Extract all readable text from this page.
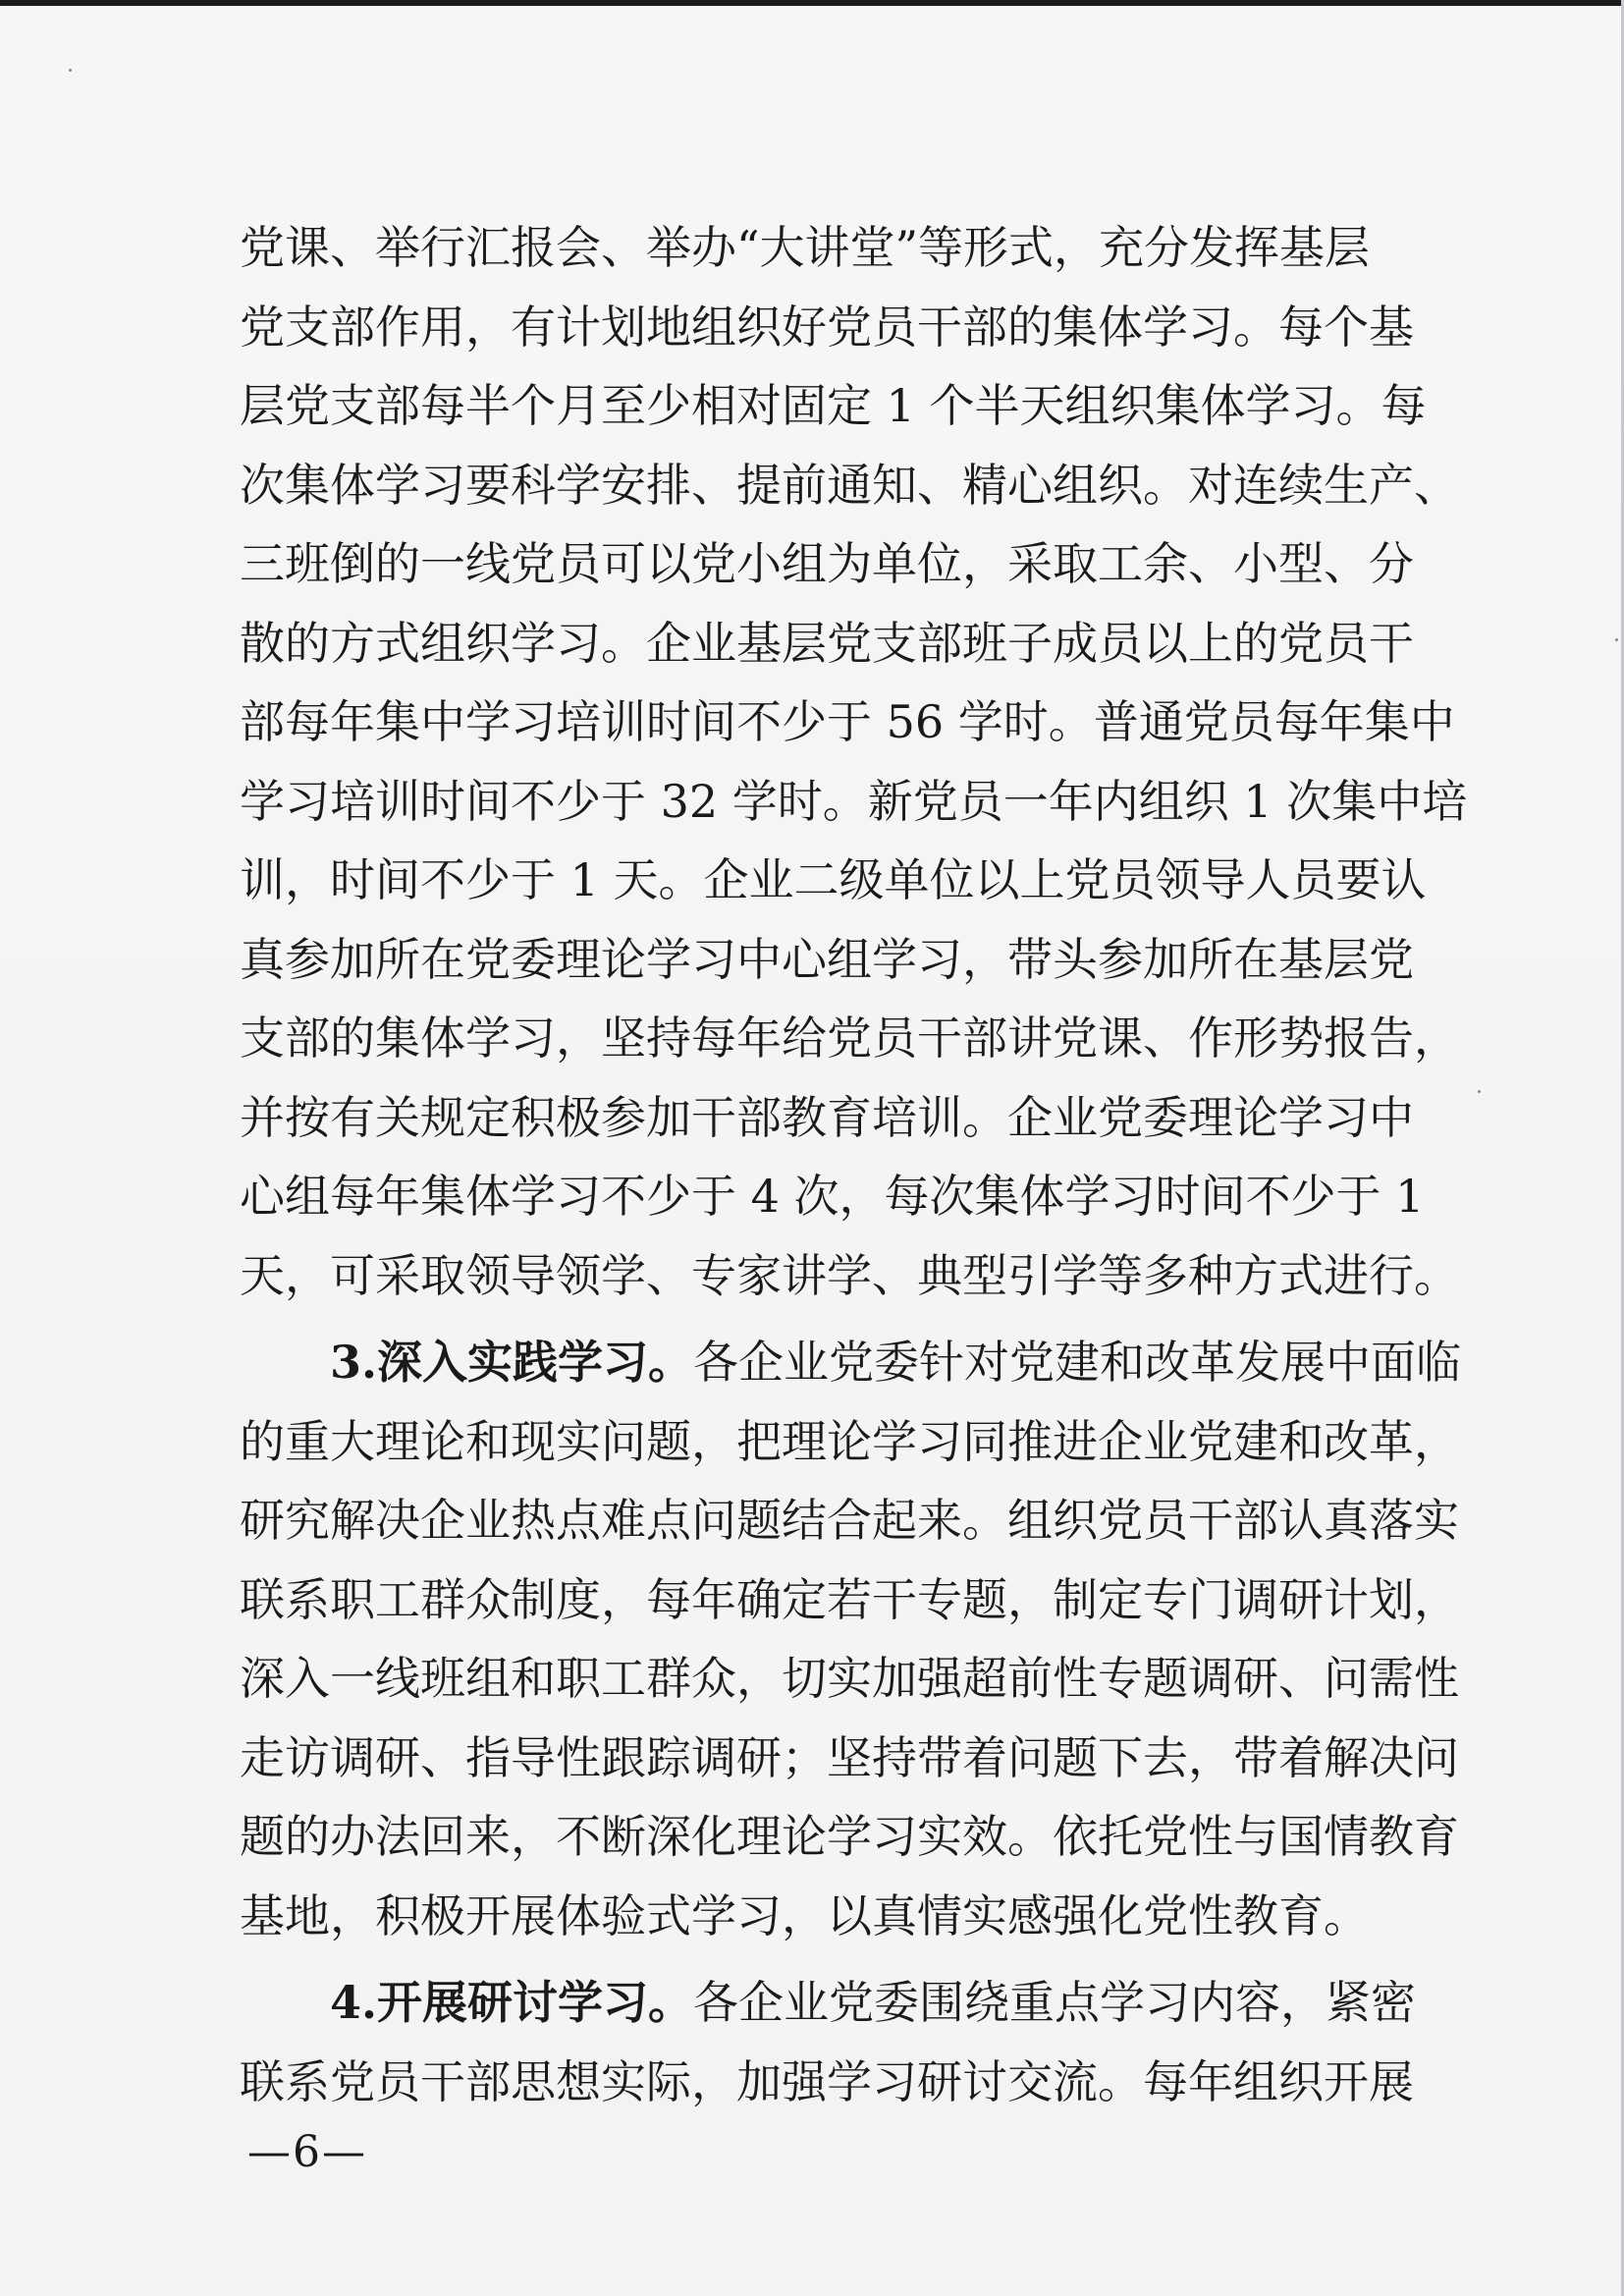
党课、举行汇报会、举办“大讲堂”等形式，充分发挥基层
党支部作用，有计划地组织好党员干部的集体学习。每个基
层党支部每半个月至少相对固定 1 个半天组织集体学习。每
次集体学习要科学安排、提前通知、精心组织。对连续生产、
三班倒的一线党员可以党小组为单位，采取工余、小型、分
散的方式组织学习。企业基层党支部班子成员以上的党员干
部每年集中学习培训时间不少于 56 学时。普通党员每年集中
学习培训时间不少于 32 学时。新党员一年内组织 1 次集中培
训，时间不少于 1 天。企业二级单位以上党员领导人员要认
真参加所在党委理论学习中心组学习，带头参加所在基层党
支部的集体学习，坚持每年给党员干部讲党课、作形势报告，
并按有关规定积极参加干部教育培训。企业党委理论学习中
心组每年集体学习不少于 4 次，每次集体学习时间不少于 1
天，可采取领导领学、专家讲学、典型引学等多种方式进行。
3.深入实践学习。各企业党委针对党建和改革发展中面临
的重大理论和现实问题，把理论学习同推进企业党建和改革，
研究解决企业热点难点问题结合起来。组织党员干部认真落实
联系职工群众制度，每年确定若干专题，制定专门调研计划，
深入一线班组和职工群众，切实加强超前性专题调研、问需性
走访调研、指导性跟踪调研；坚持带着问题下去，带着解决问
题的办法回来，不断深化理论学习实效。依托党性与国情教育
基地，积极开展体验式学习，以真情实感强化党性教育。
4.开展研讨学习。各企业党委围绕重点学习内容，紧密
联系党员干部思想实际，加强学习研讨交流。每年组织开展
—6—
